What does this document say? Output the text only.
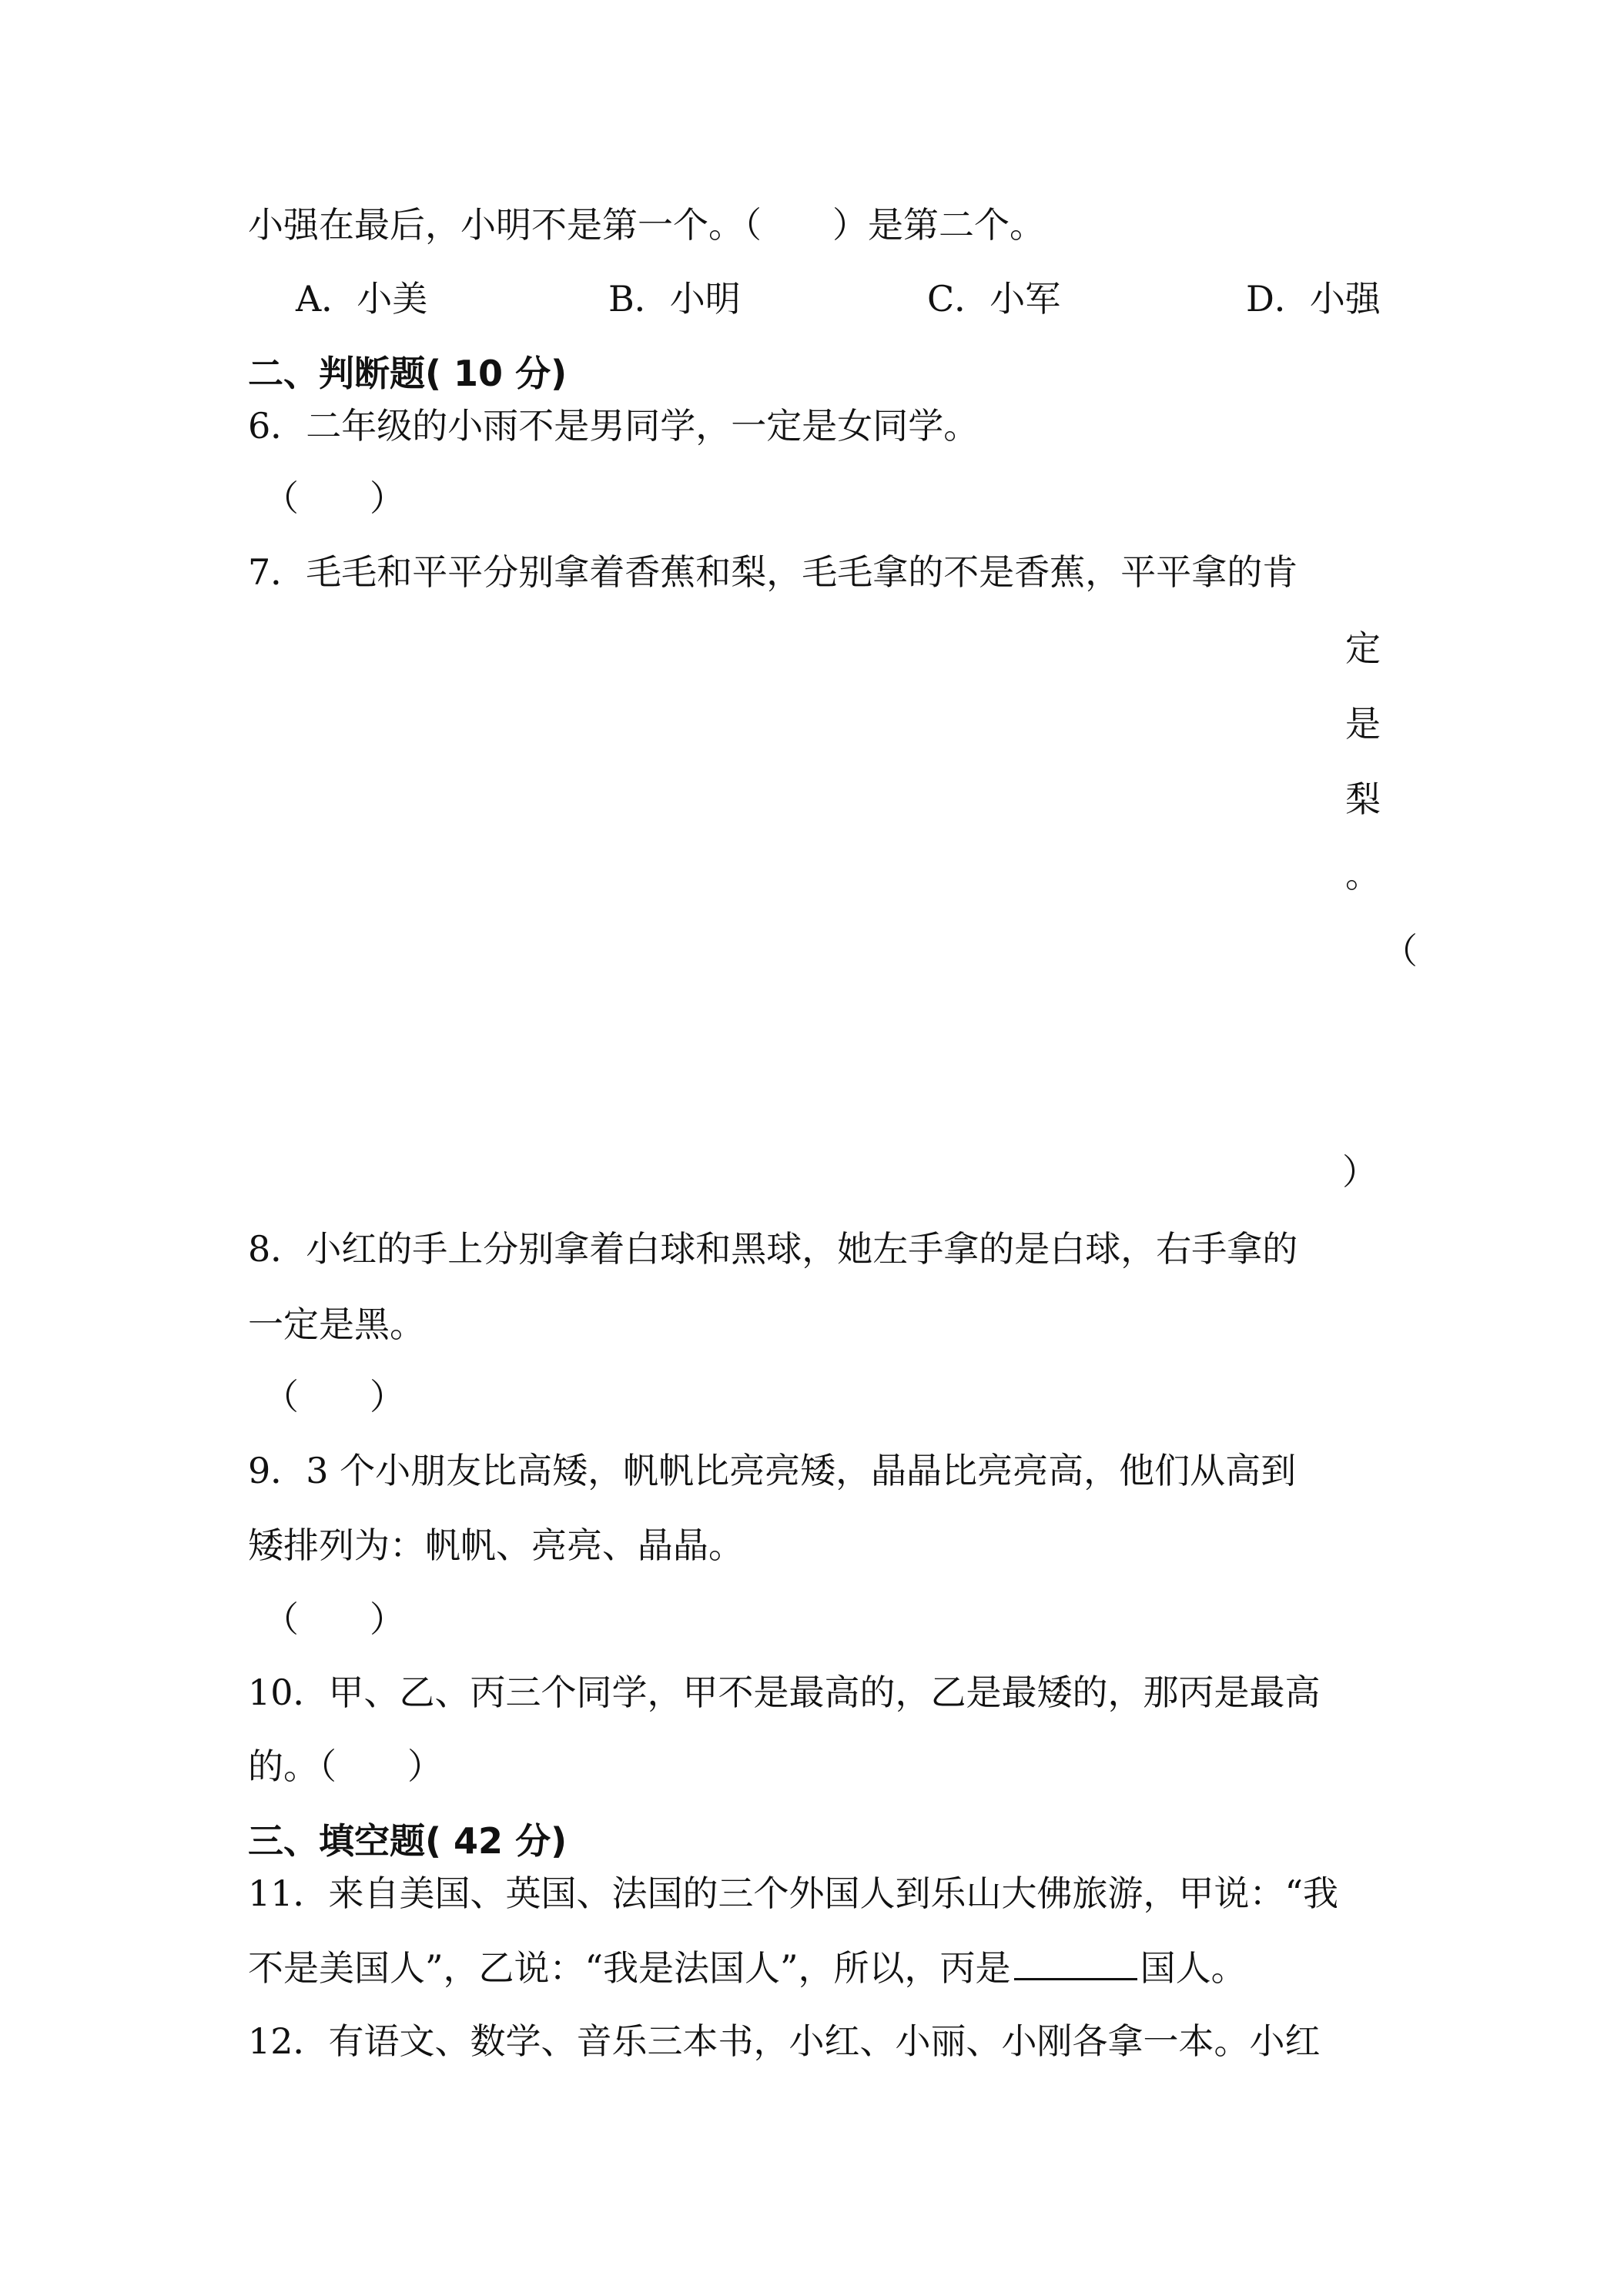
小强在最后，小明不是第一个。（　　）是第二个。

A．小美	B．小明	C．小军	D．小强
二、判断题( 10 分)

6．二年级的小雨不是男同学，一定是女同学。

（　　）

7．毛毛和平平分别拿着香蕉和梨，毛毛拿的不是香蕉，平平拿的肯

定
是
梨
。
（
）

8．小红的手上分别拿着白球和黑球，她左手拿的是白球，右手拿的

一定是黑。

（　　）

9．3 个小朋友比高矮，帆帆比亮亮矮，晶晶比亮亮高，他们从高到

矮排列为：帆帆、亮亮、晶晶。

（　　）

10．甲、乙、丙三个同学，甲不是最高的，乙是最矮的，那丙是最高

的。（　　）

三、填空题( 42 分)

11．来自美国、英国、法国的三个外国人到乐山大佛旅游，甲说：“我

不是美国人”，乙说：“我是法国人”，所以，丙是	国人。

12．有语文、数学、音乐三本书，小红、小丽、小刚各拿一本。小红
